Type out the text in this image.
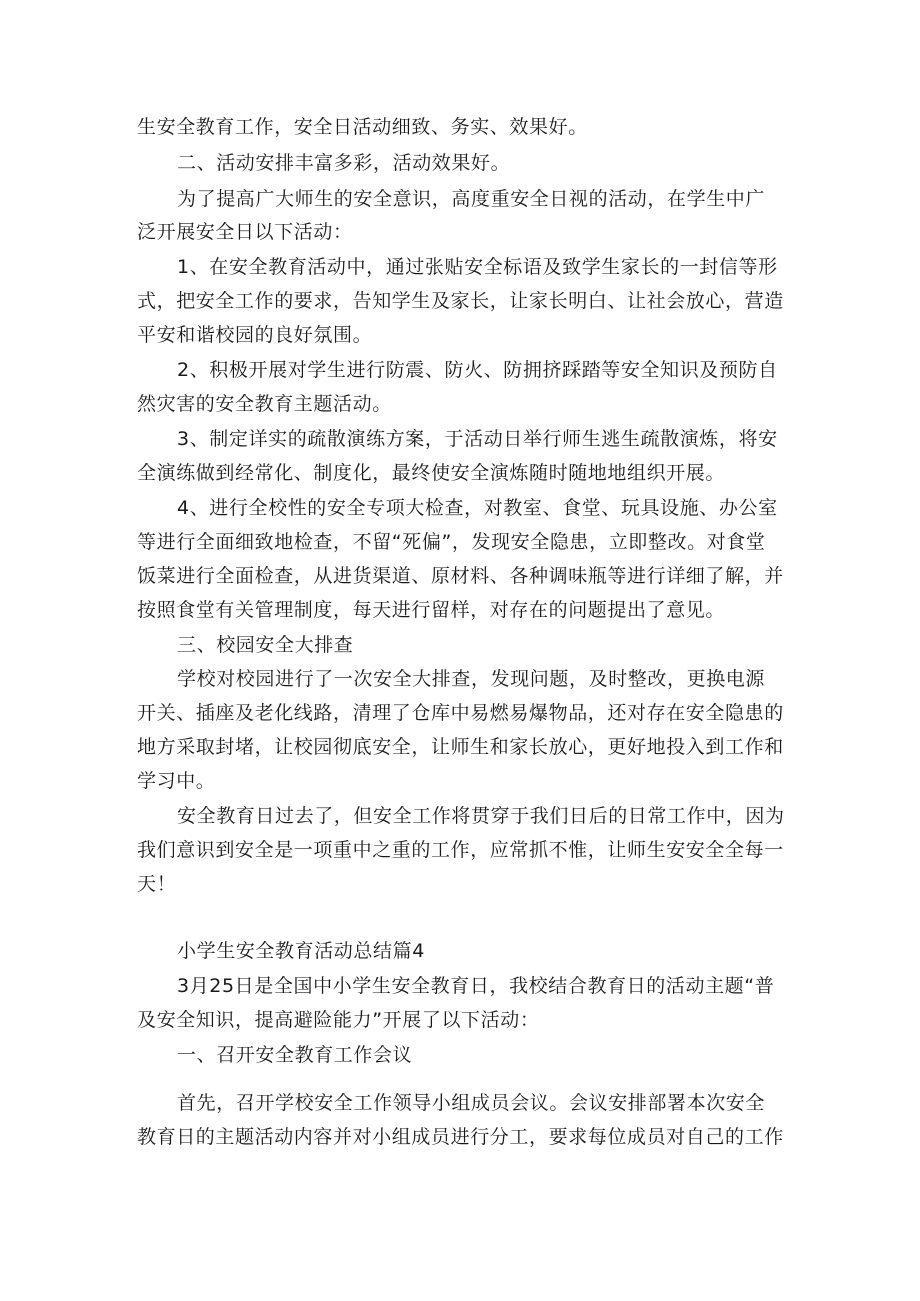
生安全教育工作，安全日活动细致、务实、效果好。
二、活动安排丰富多彩，活动效果好。
为了提高广大师生的安全意识，高度重安全日视的活动，在学生中广
泛开展安全日以下活动：
1、在安全教育活动中，通过张贴安全标语及致学生家长的一封信等形
式，把安全工作的要求，告知学生及家长，让家长明白、让社会放心，营造
平安和谐校园的良好氛围。
2、积极开展对学生进行防震、防火、防拥挤踩踏等安全知识及预防自
然灾害的安全教育主题活动。
3、制定详实的疏散演练方案，于活动日举行师生逃生疏散演炼，将安
全演练做到经常化、制度化，最终使安全演炼随时随地地组织开展。
4、进行全校性的安全专项大检查，对教室、食堂、玩具设施、办公室
等进行全面细致地检查，不留“死偏”，发现安全隐患，立即整改。对食堂
饭菜进行全面检查，从进货渠道、原材料、各种调味瓶等进行详细了解，并
按照食堂有关管理制度，每天进行留样，对存在的问题提出了意见。
三、校园安全大排查
学校对校园进行了一次安全大排查，发现问题，及时整改，更换电源
开关、插座及老化线路，清理了仓库中易燃易爆物品，还对存在安全隐患的
地方采取封堵，让校园彻底安全，让师生和家长放心，更好地投入到工作和
学习中。
安全教育日过去了，但安全工作将贯穿于我们日后的日常工作中，因为
我们意识到安全是一项重中之重的工作，应常抓不惟，让师生安安全全每一
天！
小学生安全教育活动总结篇4
3月25日是全国中小学生安全教育日，我校结合教育日的活动主题“普
及安全知识，提高避险能力”开展了以下活动：
一、召开安全教育工作会议
首先，召开学校安全工作领导小组成员会议。会议安排部署本次安全
教育日的主题活动内容并对小组成员进行分工，要求每位成员对自己的工作
